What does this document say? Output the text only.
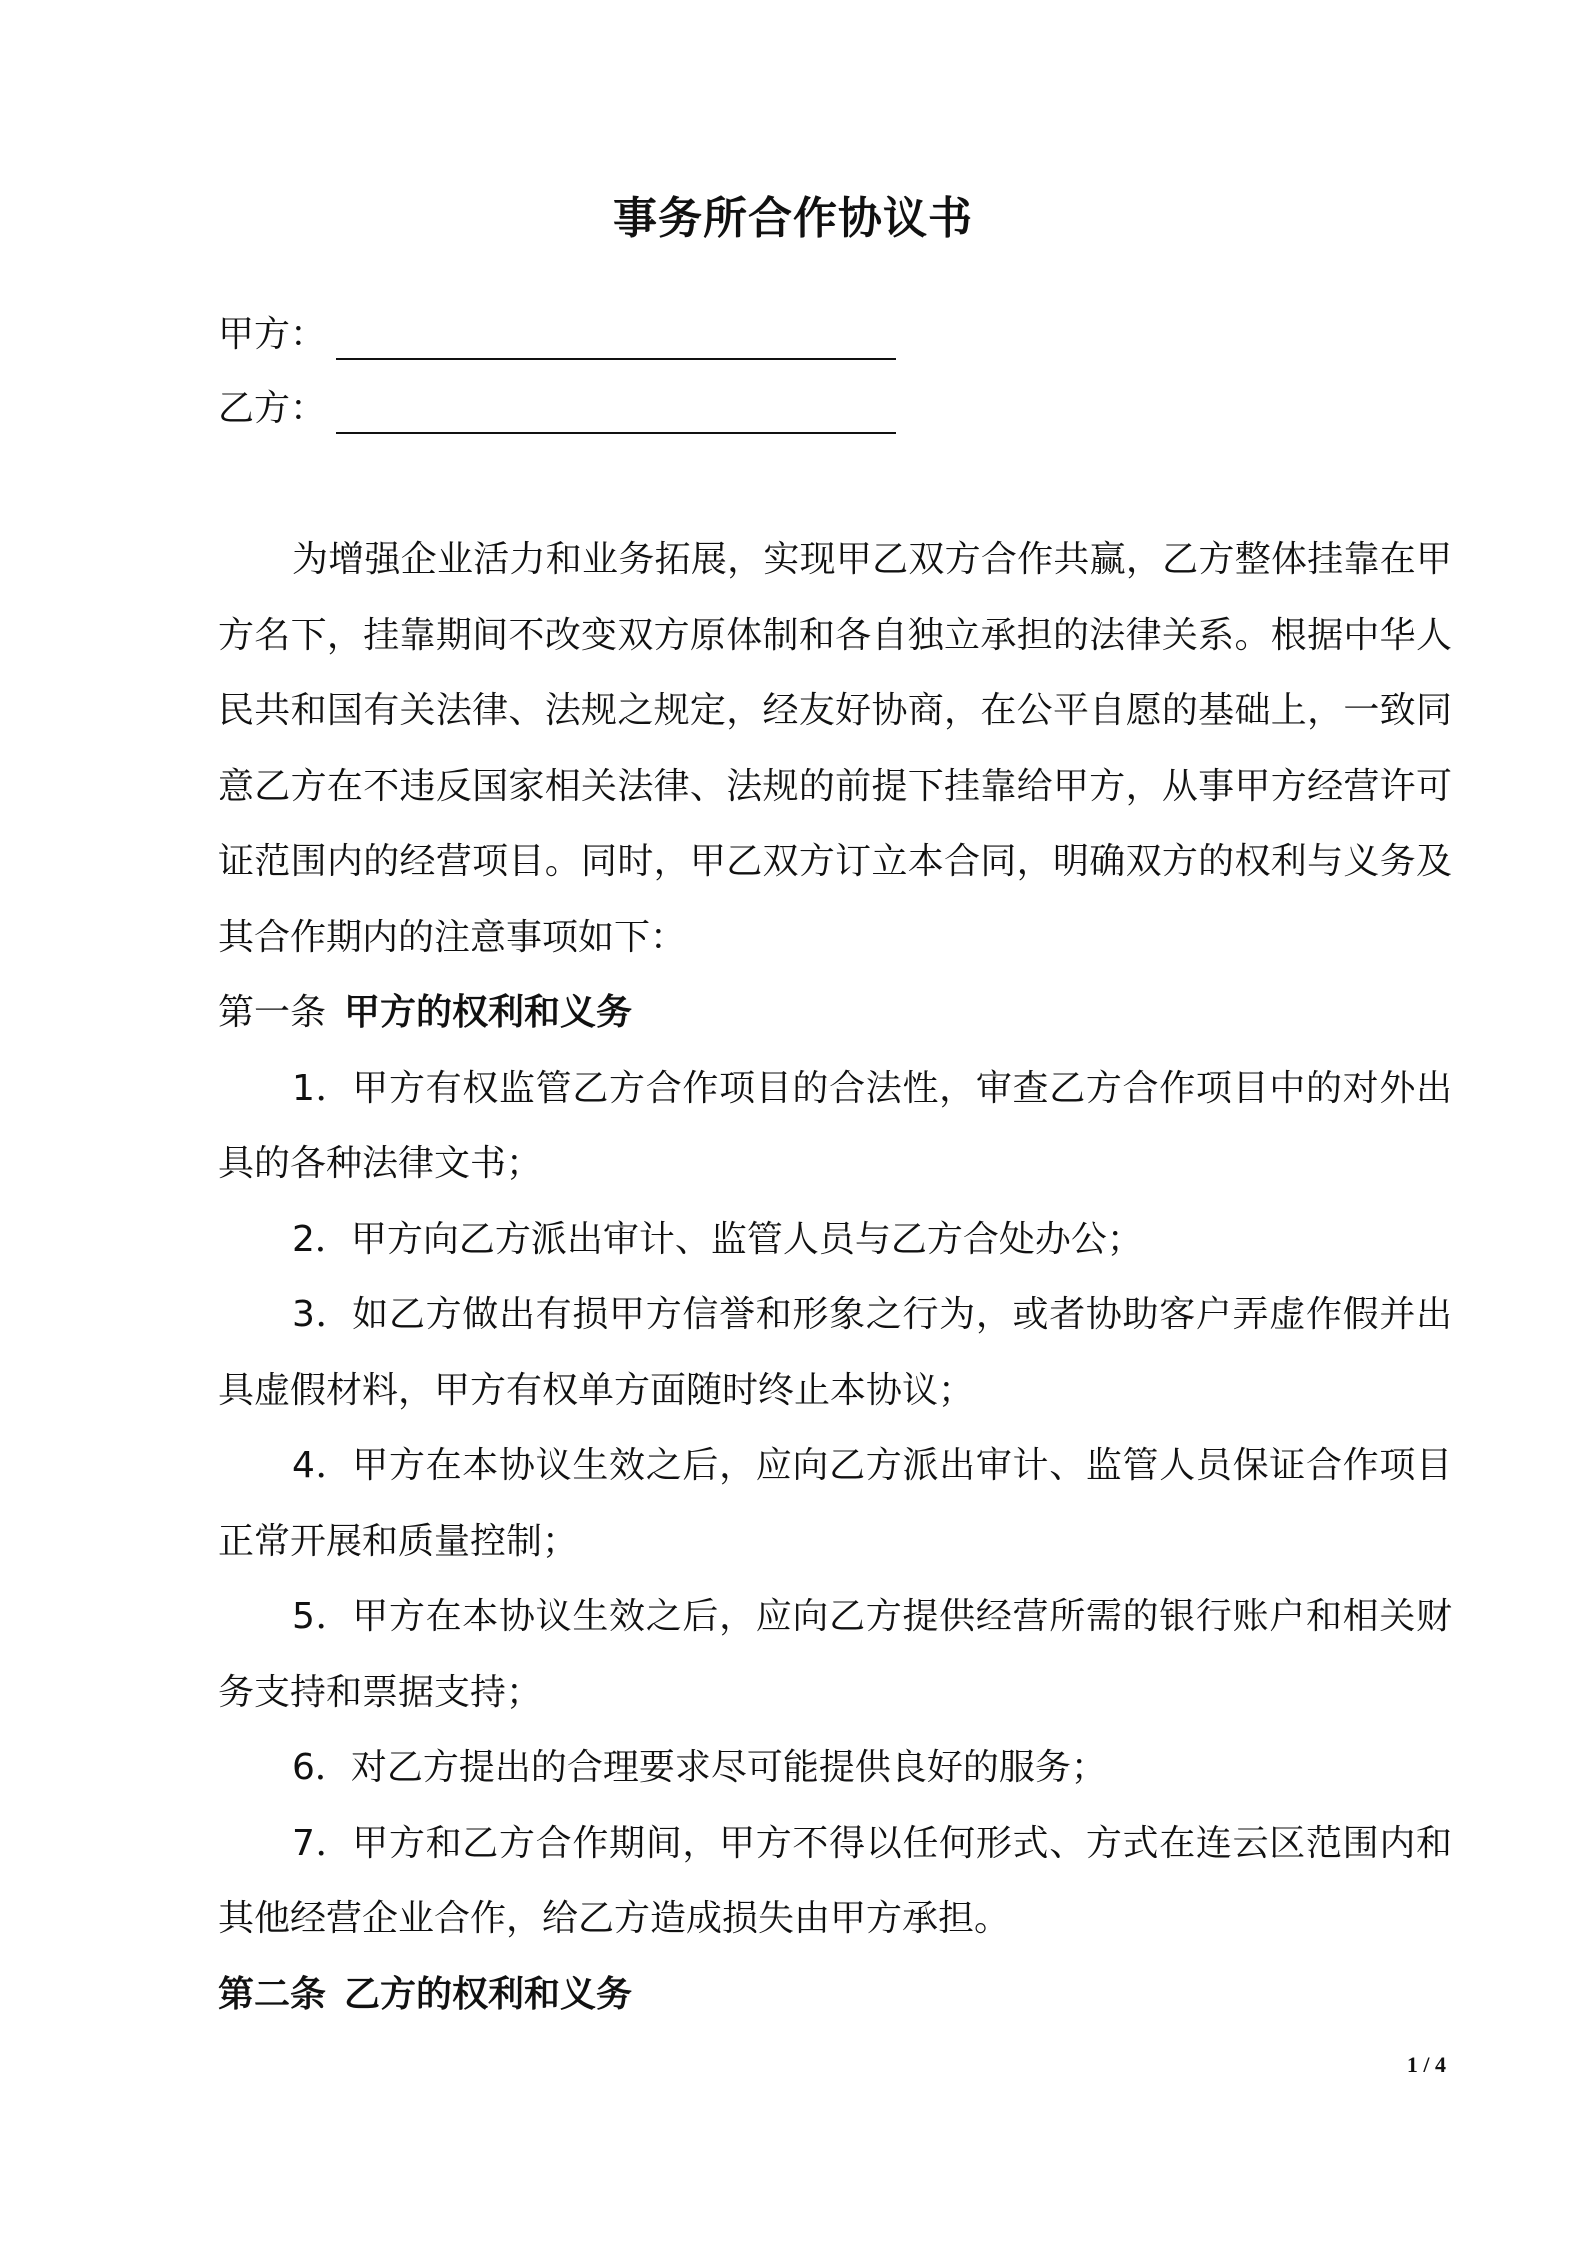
事务所合作协议书
甲方：
乙方：

为增强企业活力和业务拓展，实现甲乙双方合作共赢，乙方整体挂靠在甲方名下，挂靠期间不改变双方原体制和各自独立承担的法律关系。根据中华人民共和国有关法律、法规之规定，经友好协商，在公平自愿的基础上，一致同意乙方在不违反国家相关法律、法规的前提下挂靠给甲方，从事甲方经营许可证范围内的经营项目。同时，甲乙双方订立本合同，明确双方的权利与义务及其合作期内的注意事项如下：

第一条 甲方的权利和义务

1．甲方有权监管乙方合作项目的合法性，审查乙方合作项目中的对外出具的各种法律文书；

2．甲方向乙方派出审计、监管人员与乙方合处办公；

3．如乙方做出有损甲方信誉和形象之行为，或者协助客户弄虚作假并出具虚假材料，甲方有权单方面随时终止本协议；

4．甲方在本协议生效之后，应向乙方派出审计、监管人员保证合作项目正常开展和质量控制；

5．甲方在本协议生效之后，应向乙方提供经营所需的银行账户和相关财务支持和票据支持；

6．对乙方提出的合理要求尽可能提供良好的服务；

7．甲方和乙方合作期间，甲方不得以任何形式、方式在连云区范围内和其他经营企业合作，给乙方造成损失由甲方承担。

第二条 乙方的权利和义务

1 / 4
